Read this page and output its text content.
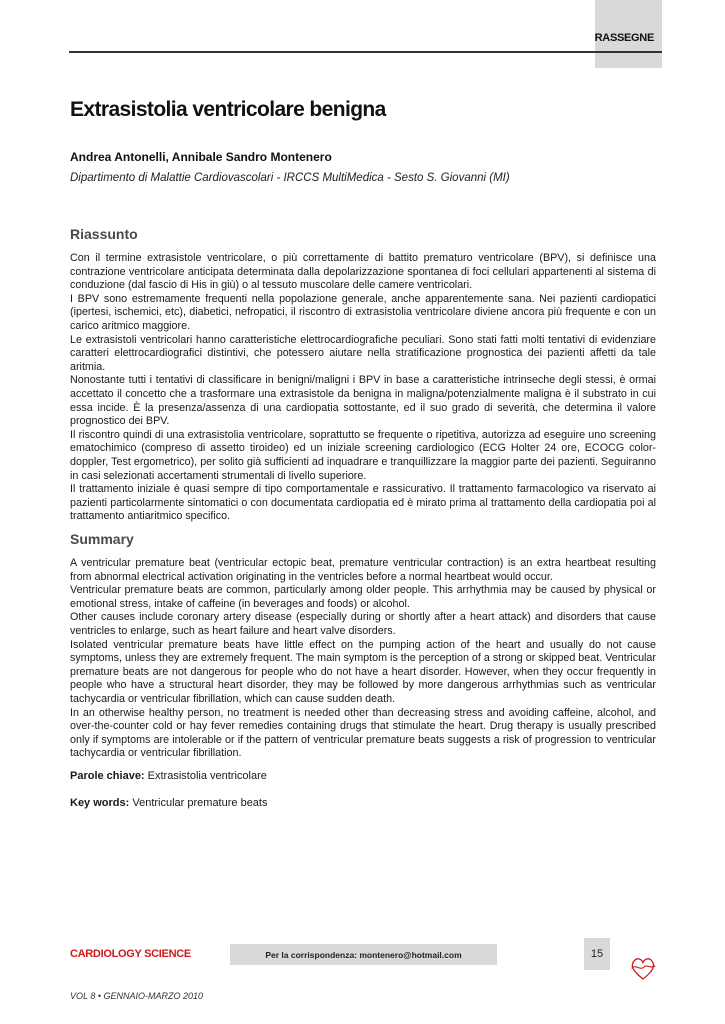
RASSEGNE
Extrasistolia ventricolare benigna

Andrea Antonelli, Annibale Sandro Montenero

Dipartimento di Malattie Cardiovascolari - IRCCS MultiMedica - Sesto S. Giovanni (MI)

Riassunto

Con il termine extrasistole ventricolare, o più correttamente di battito prematuro ventricolare (BPV), si definisce una contrazione ventricolare anticipata determinata dalla depolarizzazione spontanea di foci cellulari appartenenti al sistema di conduzione (dal fascio di His in giù) o al tessuto muscolare delle camere ventricolari.

I BPV sono estremamente frequenti nella popolazione generale, anche apparentemente sana. Nei pazienti cardiopatici (ipertesi, ischemici, etc), diabetici, nefropatici, il riscontro di extrasistolia ventricolare diviene ancora più frequente e con un carico aritmico maggiore.

Le extrasistoli ventricolari hanno caratteristiche elettrocardiografiche peculiari. Sono stati fatti molti tentativi di evidenziare caratteri elettrocardiografici distintivi, che potessero aiutare nella stratificazione prognostica dei pazienti affetti da tale aritmia.

Nonostante tutti i tentativi di classificare in benigni/maligni i BPV in base a caratteristiche intrinseche degli stessi, è ormai accettato il concetto che a trasformare una extrasistole da benigna in maligna/potenzialmente maligna è il substrato in cui essa incide. È la presenza/assenza di una cardiopatia sottostante, ed il suo grado di severità, che determina il valore prognostico dei BPV.

Il riscontro quindi di una extrasistolia ventricolare, soprattutto se frequente o ripetitiva, autorizza ad eseguire uno screening ematochimico (compreso di assetto tiroideo) ed un iniziale screening cardiologico (ECG Holter 24 ore, ECOCG color-doppler, Test ergometrico), per solito già sufficienti ad inquadrare e tranquillizzare la maggior parte dei pazienti. Seguiranno in casi selezionati accertamenti strumentali di livello superiore.

Il trattamento iniziale è quasi sempre di tipo comportamentale e rassicurativo. Il trattamento farmacologico va riservato ai pazienti particolarmente sintomatici o con documentata cardiopatia ed è mirato prima al trattamento della cardiopatia poi al trattamento antiaritmico specifico.

Summary

A ventricular premature beat (ventricular ectopic beat, premature ventricular contraction) is an extra heartbeat resulting from abnormal electrical activation originating in the ventricles before a normal heartbeat would occur.

Ventricular premature beats are common, particularly among older people. This arrhythmia may be caused by physical or emotional stress, intake of caffeine (in beverages and foods) or alcohol.

Other causes include coronary artery disease (especially during or shortly after a heart attack) and disorders that cause ventricles to enlarge, such as heart failure and heart valve disorders.

Isolated ventricular premature beats have little effect on the pumping action of the heart and usually do not cause symptoms, unless they are extremely frequent. The main symptom is the perception of a strong or skipped beat. Ventricular premature beats are not dangerous for people who do not have a heart disorder. However, when they occur frequently in people who have a structural heart disorder, they may be followed by more dangerous arrhythmias such as ventricular tachycardia or ventricular fibrillation, which can cause sudden death.

In an otherwise healthy person, no treatment is needed other than decreasing stress and avoiding caffeine, alcohol, and over-the-counter cold or hay fever remedies containing drugs that stimulate the heart. Drug therapy is usually prescribed only if symptoms are intolerable or if the pattern of ventricular premature beats suggests a risk of progression to ventricular tachycardia or ventricular fibrillation.

Parole chiave: Extrasistolia ventricolare

Key words: Ventricular premature beats

CARDIOLOGY SCIENCE	Per la corrispondenza: montenero@hotmail.com	15

VOL 8 • GENNAIO-MARZO 2010
